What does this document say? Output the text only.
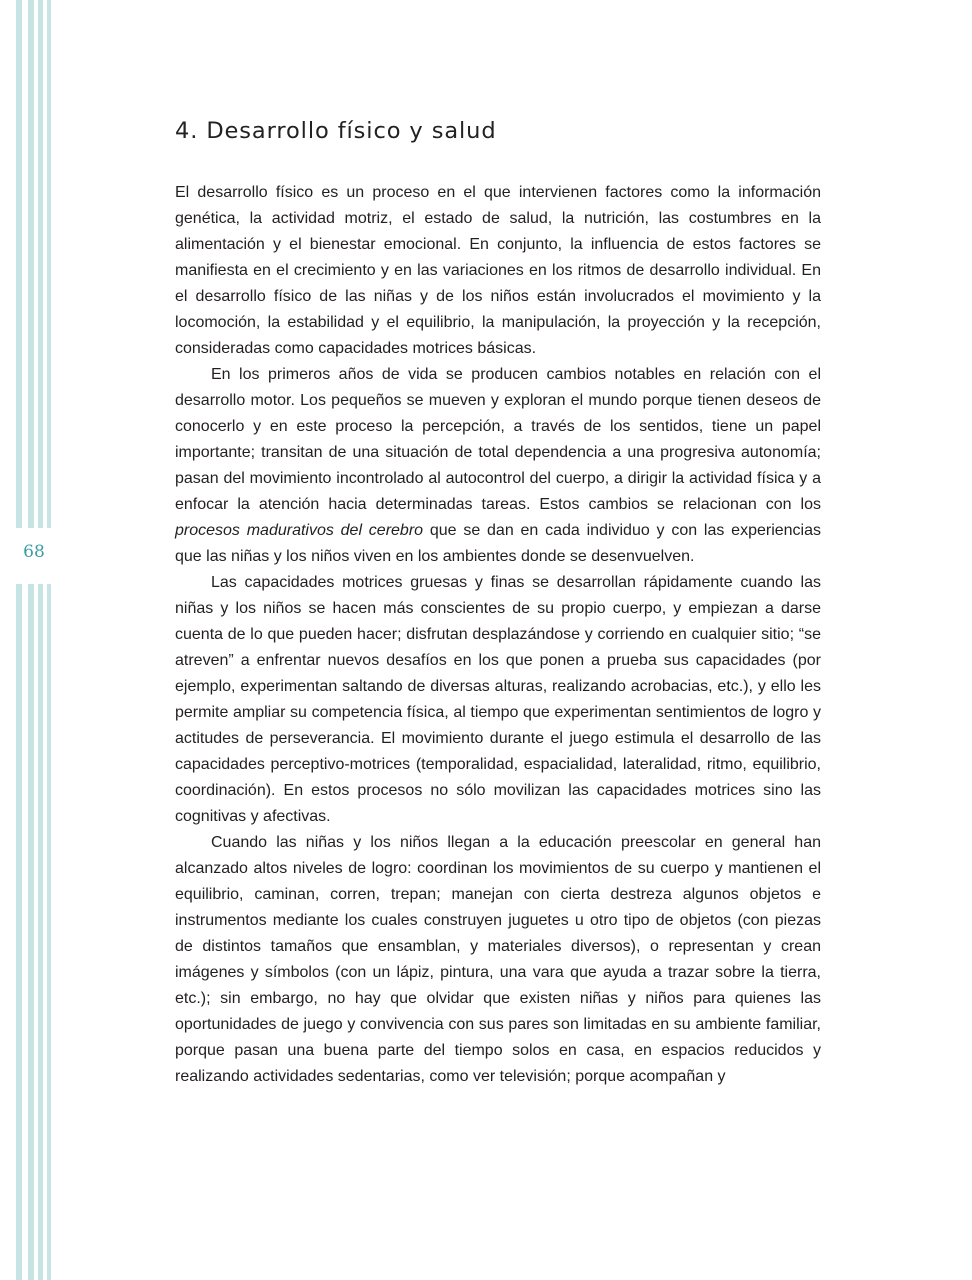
68
4. Desarrollo físico y salud

El desarrollo físico es un proceso en el que intervienen factores como la información genética, la actividad motriz, el estado de salud, la nutrición, las costumbres en la alimentación y el bienestar emocional. En conjunto, la influencia de estos factores se manifiesta en el crecimiento y en las variaciones en los ritmos de desarrollo individual. En el desarrollo físico de las niñas y de los niños están involucrados el movimiento y la locomoción, la estabilidad y el equilibrio, la manipulación, la proyección y la recepción, consideradas como capacidades motrices básicas.

En los primeros años de vida se producen cambios notables en relación con el desarrollo motor. Los pequeños se mueven y exploran el mundo porque tienen deseos de conocerlo y en este proceso la percepción, a través de los sentidos, tiene un papel importante; transitan de una situación de total dependencia a una progresiva autonomía; pasan del movimiento incontrolado al autocontrol del cuerpo, a dirigir la actividad física y a enfocar la atención hacia determinadas tareas. Estos cambios se relacionan con los procesos madurativos del cerebro que se dan en cada individuo y con las experiencias que las niñas y los niños viven en los ambientes donde se desenvuelven.

Las capacidades motrices gruesas y finas se desarrollan rápidamente cuando las niñas y los niños se hacen más conscientes de su propio cuerpo, y empiezan a darse cuenta de lo que pueden hacer; disfrutan desplazándose y corriendo en cualquier sitio; “se atreven” a enfrentar nuevos desafíos en los que ponen a prueba sus capacidades (por ejemplo, experimentan saltando de diversas alturas, realizando acrobacias, etc.), y ello les permite ampliar su competencia física, al tiempo que experimentan sentimientos de logro y actitudes de perseverancia. El movimiento durante el juego estimula el desarrollo de las capacidades perceptivo-motrices (temporalidad, espacialidad, lateralidad, ritmo, equilibrio, coordinación). En estos procesos no sólo movilizan las capacidades motrices sino las cognitivas y afectivas.

Cuando las niñas y los niños llegan a la educación preescolar en general han alcanzado altos niveles de logro: coordinan los movimientos de su cuerpo y mantienen el equilibrio, caminan, corren, trepan; manejan con cierta destreza algunos objetos e instrumentos mediante los cuales construyen juguetes u otro tipo de objetos (con piezas de distintos tamaños que ensamblan, y materiales diversos), o representan y crean imágenes y símbolos (con un lápiz, pintura, una vara que ayuda a trazar sobre la tierra, etc.); sin embargo, no hay que olvidar que existen niñas y niños para quienes las oportunidades de juego y convivencia con sus pares son limitadas en su ambiente familiar, porque pasan una buena parte del tiempo solos en casa, en espacios reducidos y realizando actividades sedentarias, como ver televisión; porque acompañan y
